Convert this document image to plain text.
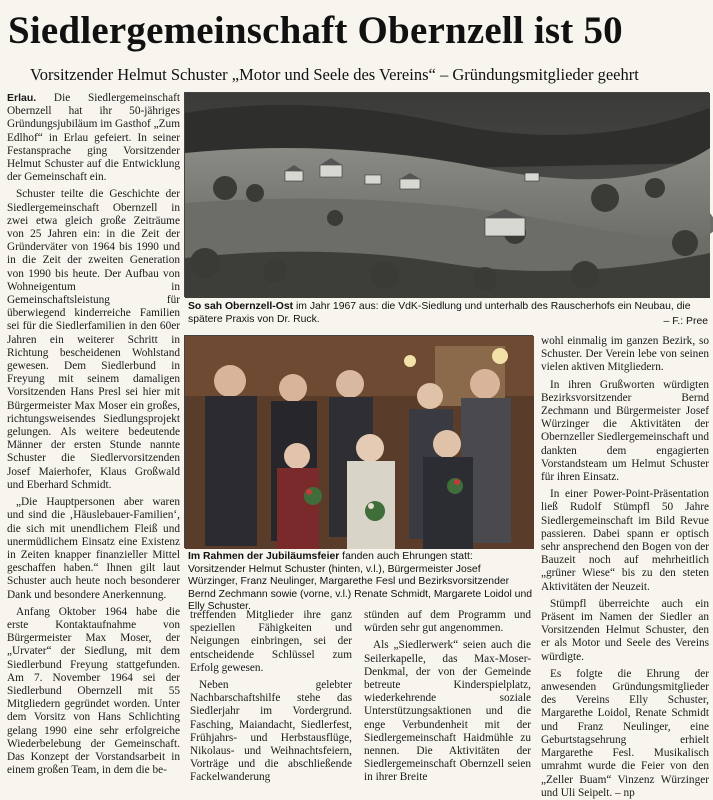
Siedlergemeinschaft Obernzell ist 50
Vorsitzender Helmut Schuster „Motor und Seele des Vereins“ – Gründungsmitglieder geehrt

Erlau. Die Siedlergemeinschaft Obernzell hat ihr 50-jähriges Gründungsjubiläum im Gasthof „Zum Edlhof“ in Erlau gefeiert. In seiner Festansprache ging Vorsitzender Helmut Schuster auf die Entwicklung der Gemeinschaft ein.

Schuster teilte die Geschichte der Siedlergemeinschaft Obernzell in zwei etwa gleich große Zeiträume von 25 Jahren ein: in die Zeit der Gründerväter von 1964 bis 1990 und in die Zeit der zweiten Generation von 1990 bis heute. Der Aufbau von Wohneigentum in Gemeinschaftsleistung für überwiegend kinderreiche Familien sei für die Siedlerfamilien in den 60er Jahren ein weiterer Schritt in Richtung bescheidenen Wohlstand gewesen. Dem Siedlerbund in Freyung mit seinem damaligen Vorsitzenden Hans Presl sei hier mit Bürgermeister Max Moser ein großes, richtungsweisendes Siedlungsprojekt gelungen. Als weitere bedeutende Männer der ersten Stunde nannte Schuster die Siedlervorsitzenden Josef Maierhofer, Klaus Großwald und Eberhard Schmidt.

„Die Hauptpersonen aber waren und sind die ‚Häuslebauer-Familien‘, die sich mit unendlichem Fleiß und unermüdlichem Einsatz eine Existenz in Zeiten knapper finanzieller Mittel geschaffen haben.“ Ihnen gilt laut Schuster auch heute noch besonderer Dank und besondere Anerkennung.

Anfang Oktober 1964 habe die erste Kontaktaufnahme von Bürgermeister Max Moser, der „Urvater“ der Siedlung, mit dem Siedlerbund Freyung stattgefunden. Am 7. November 1964 sei der Siedlerbund Obernzell mit 55 Mitgliedern gegründet worden. Unter dem Vorsitz von Hans Schlichting gelang 1990 eine sehr erfolgreiche Wiederbelebung der Gemeinschaft. Das Konzept der Vorstandsarbeit in einem großen Team, in dem die be-

So sah Obernzell-Ost im Jahr 1967 aus: die VdK-Siedlung und unterhalb des Rauscherhofs ein Neubau, die spätere Praxis von Dr. Ruck.	– F.: Pree
Im Rahmen der Jubiläumsfeier fanden auch Ehrungen statt: Vorsitzender Helmut Schuster (hinten, v.l.), Bürgermeister Josef Würzinger, Franz Neulinger, Margarethe Fesl und Bezirksvorsitzender Bernd Zechmann sowie (vorne, v.l.) Renate Schmidt, Margarete Loidol und Elly Schuster.

treffenden Mitglieder ihre ganz speziellen Fähigkeiten und Neigungen einbringen, sei der entscheidende Schlüssel zum Erfolg gewesen.

Neben gelebter Nachbarschaftshilfe stehe das Siedlerjahr im Vordergrund. Fasching, Maiandacht, Siedlerfest, Frühjahrs- und Herbstausflüge, Nikolaus- und Weihnachtsfeiern, Vorträge und die abschließende Fackelwanderung

stünden auf dem Programm und würden sehr gut angenommen.

Als „Siedlerwerk“ seien auch die Seilerkapelle, das Max-Moser-Denkmal, der von der Gemeinde betreute Kinderspielplatz, wiederkehrende soziale Unterstützungsaktionen und die enge Verbundenheit mit der Siedlergemeinschaft Haidmühle zu nennen. Die Aktivitäten der Siedlergemeinschaft Obernzell seien in ihrer Breite

wohl einmalig im ganzen Bezirk, so Schuster. Der Verein lebe von seinen vielen aktiven Mitgliedern.

In ihren Grußworten würdigten Bezirksvorsitzender Bernd Zechmann und Bürgermeister Josef Würzinger die Aktivitäten der Obernzeller Siedlergemeinschaft und dankten dem engagierten Vorstandsteam um Helmut Schuster für ihren Einsatz.

In einer Power-Point-Präsentation ließ Rudolf Stümpfl 50 Jahre Siedlergemeinschaft im Bild Revue passieren. Dabei spann er optisch sehr ansprechend den Bogen von der Bauzeit noch auf mehrheitlich „grüner Wiese“ bis zu den steten Aktivitäten der Neuzeit.

Stümpfl überreichte auch ein Präsent im Namen der Siedler an Vorsitzenden Helmut Schuster, den er als Motor und Seele des Vereins würdigte.

Es folgte die Ehrung der anwesenden Gründungsmitglieder des Vereins Elly Schuster, Margarethe Loidol, Renate Schmidt und Franz Neulinger, eine Geburtstagsehrung erhielt Margarethe Fesl. Musikalisch umrahmt wurde die Feier von den „Zeller Buam“ Vinzenz Würzinger und Uli Seipelt. – np
